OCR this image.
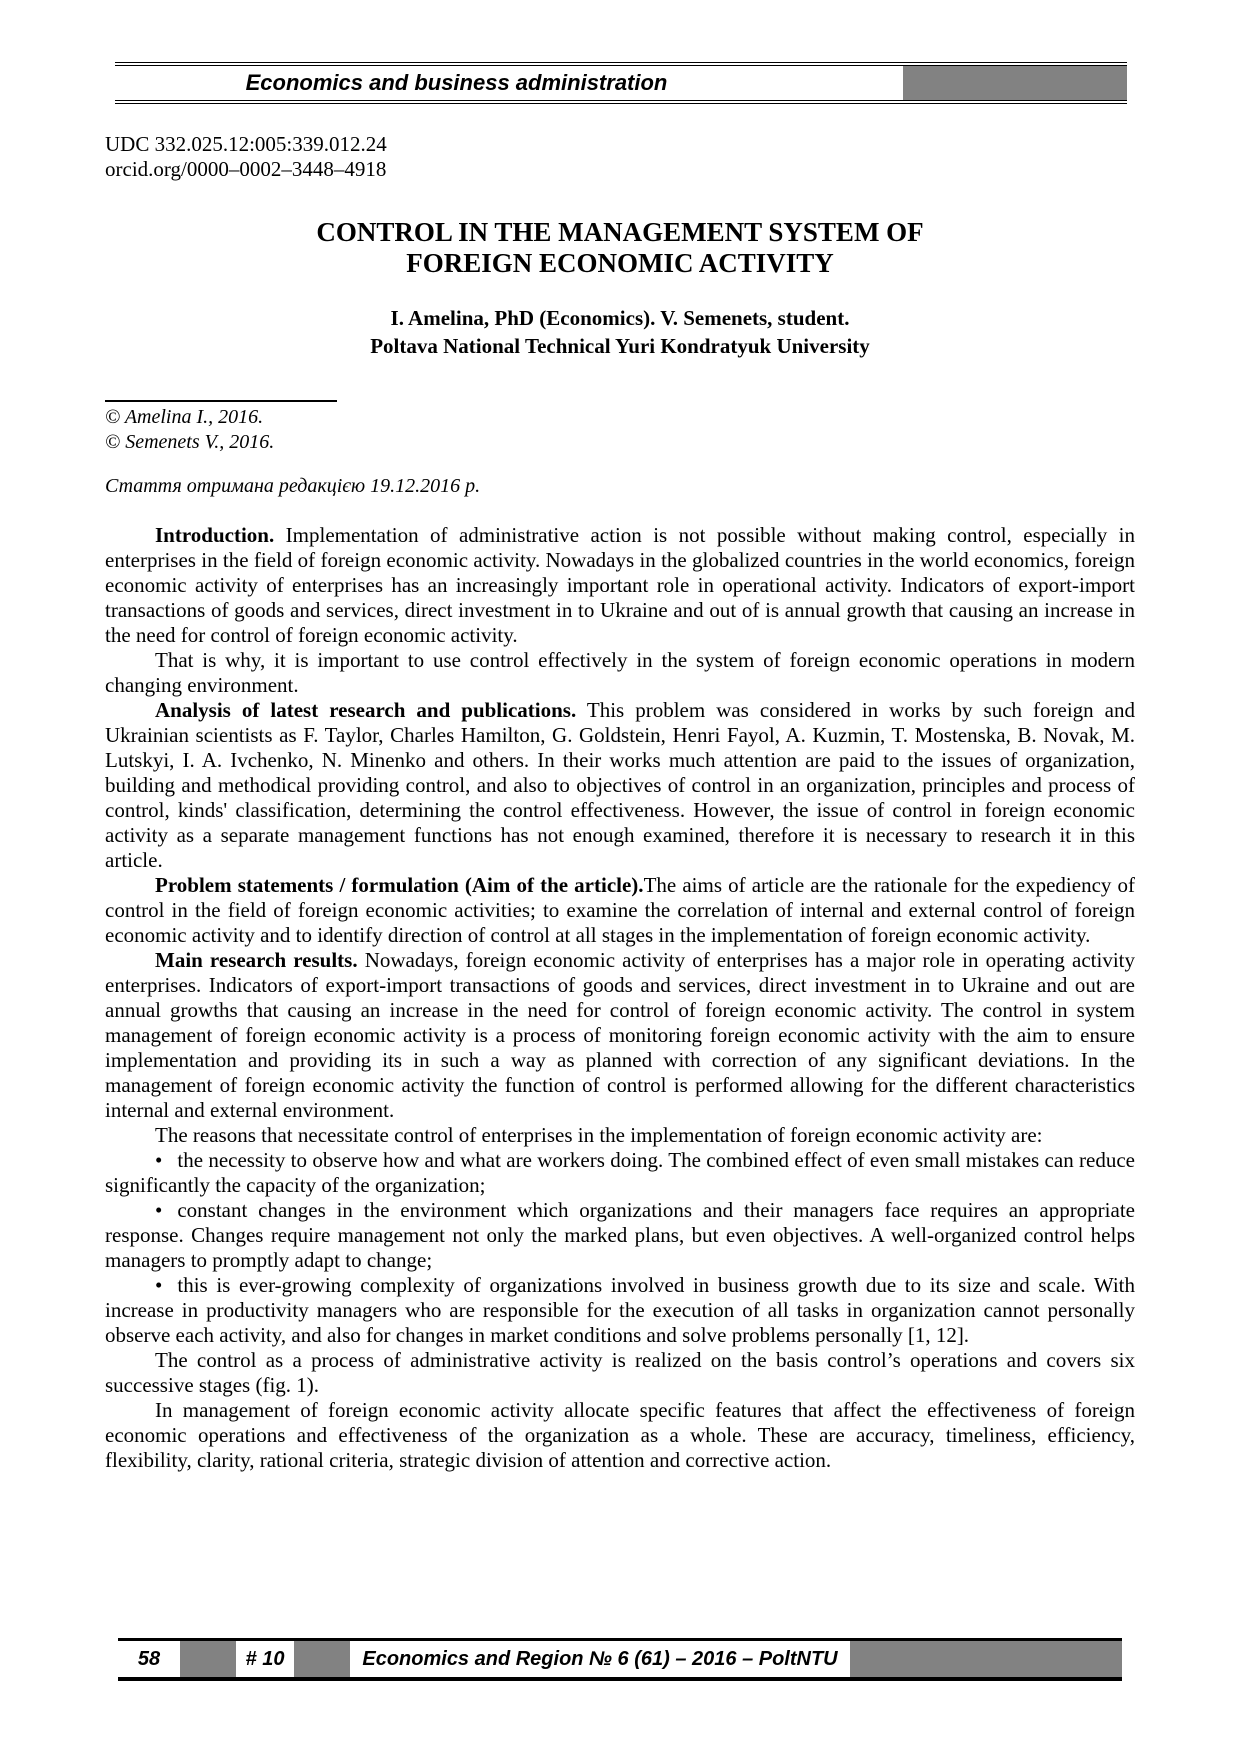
Economics and business administration
UDC 332.025.12:005:339.012.24
orcid.org/0000–0002–3448–4918
CONTROL IN THE MANAGEMENT SYSTEM OF
FOREIGN ECONOMIC ACTIVITY
I. Amelina, PhD (Economics). V. Semenets, student.
Poltava National Technical Yuri Kondratyuk University
© Amelina I., 2016.
© Semenets V., 2016.
Стаття отримана редакцією 19.12.2016 р.

Introduction. Implementation of administrative action is not possible without making control, especially in enterprises in the field of foreign economic activity. Nowadays in the globalized countries in the world economics, foreign economic activity of enterprises has an increasingly important role in operational activity. Indicators of export-import transactions of goods and services, direct investment in to Ukraine and out of is annual growth that causing an increase in the need for control of foreign economic activity.

That is why, it is important to use control effectively in the system of foreign economic operations in modern changing environment.

Analysis of latest research and publications. This problem was considered in works by such foreign and Ukrainian scientists as F. Taylor, Charles Hamilton, G. Goldstein, Henri Fayol, A. Kuzmin, T. Mostenska, B. Novak, M. Lutskyi, I. A. Ivchenko, N. Minenko and others. In their works much attention are paid to the issues of organization, building and methodical providing control, and also to objectives of control in an organization, principles and process of control, kinds' classification, determining the control effectiveness. However, the issue of control in foreign economic activity as a separate management functions has not enough examined, therefore it is necessary to research it in this article.

Problem statements / formulation (Aim of the article).The aims of article are the rationale for the expediency of control in the field of foreign economic activities; to examine the correlation of internal and external control of foreign economic activity and to identify direction of control at all stages in the implementation of foreign economic activity.

Main research results. Nowadays, foreign economic activity of enterprises has a major role in operating activity enterprises. Indicators of export-import transactions of goods and services, direct investment in to Ukraine and out are annual growths that causing an increase in the need for control of foreign economic activity. The control in system management of foreign economic activity is a process of monitoring foreign economic activity with the aim to ensure implementation and providing its in such a way as planned with correction of any significant deviations. In the management of foreign economic activity the function of control is performed allowing for the different characteristics internal and external environment.

The reasons that necessitate control of enterprises in the implementation of foreign economic activity are:

• the necessity to observe how and what are workers doing. The combined effect of even small mistakes can reduce significantly the capacity of the organization;

• constant changes in the environment which organizations and their managers face requires an appropriate response. Changes require management not only the marked plans, but even objectives. A well-organized control helps managers to promptly adapt to change;

• this is ever-growing complexity of organizations involved in business growth due to its size and scale. With increase in productivity managers who are responsible for the execution of all tasks in organization cannot personally observe each activity, and also for changes in market conditions and solve problems personally [1, 12].

The control as a process of administrative activity is realized on the basis control’s operations and covers six successive stages (fig. 1).

In management of foreign economic activity allocate specific features that affect the effectiveness of foreign economic operations and effectiveness of the organization as a whole. These are accuracy, timeliness, efficiency, flexibility, clarity, rational criteria, strategic division of attention and corrective action.

58	# 10	Economics and Region № 6 (61) – 2016 – PoltNTU
